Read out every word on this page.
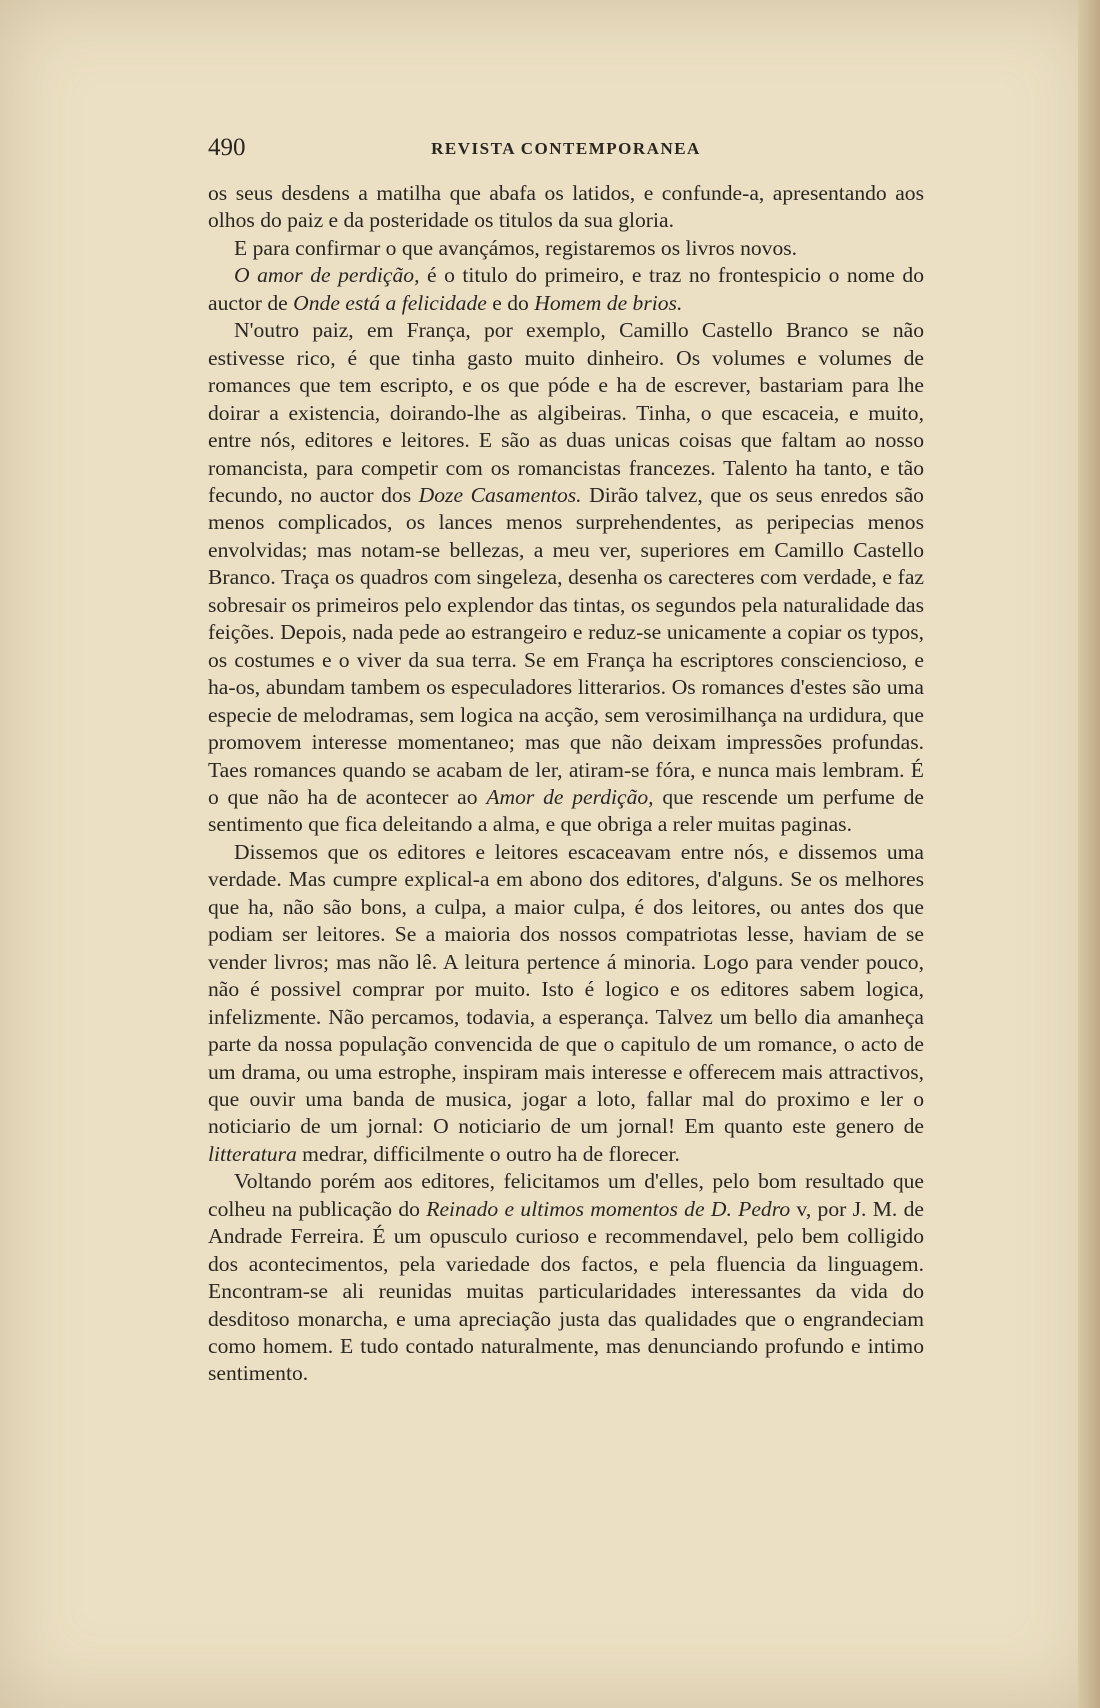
490	REVISTA CONTEMPORANEA

os seus desdens a matilha que abafa os latidos, e confunde-a, apresentando aos olhos do paiz e da posteridade os titulos da sua gloria.

E para confirmar o que avançámos, registaremos os livros novos.

O amor de perdição, é o titulo do primeiro, e traz no frontespicio o nome do auctor de Onde está a felicidade e do Homem de brios.

N'outro paiz, em França, por exemplo, Camillo Castello Branco se não estivesse rico, é que tinha gasto muito dinheiro. Os volumes e volumes de romances que tem escripto, e os que póde e ha de escrever, bastariam para lhe doirar a existencia, doirando-lhe as algibeiras. Tinha, o que escaceia, e muito, entre nós, editores e leitores. E são as duas unicas coisas que faltam ao nosso romancista, para competir com os romancistas francezes. Talento ha tanto, e tão fecundo, no auctor dos Doze Casamentos. Dirão talvez, que os seus enredos são menos complicados, os lances menos surprehendentes, as peripecias menos envolvidas; mas notam-se bellezas, a meu ver, superiores em Camillo Castello Branco. Traça os quadros com singeleza, desenha os carecteres com verdade, e faz sobresair os primeiros pelo explendor das tintas, os segundos pela naturalidade das feições. Depois, nada pede ao estrangeiro e reduz-se unicamente a copiar os typos, os costumes e o viver da sua terra. Se em França ha escriptores consciencioso, e ha-os, abundam tambem os especuladores litterarios. Os romances d'estes são uma especie de melodramas, sem logica na acção, sem verosimilhança na urdidura, que promovem interesse momentaneo; mas que não deixam impressões profundas. Taes romances quando se acabam de ler, atiram-se fóra, e nunca mais lembram. É o que não ha de acontecer ao Amor de perdição, que rescende um perfume de sentimento que fica deleitando a alma, e que obriga a reler muitas paginas.

Dissemos que os editores e leitores escaceavam entre nós, e dissemos uma verdade. Mas cumpre explical-a em abono dos editores, d'alguns. Se os melhores que ha, não são bons, a culpa, a maior culpa, é dos leitores, ou antes dos que podiam ser leitores. Se a maioria dos nossos compatriotas lesse, haviam de se vender livros; mas não lê. A leitura pertence á minoria. Logo para vender pouco, não é possivel comprar por muito. Isto é logico e os editores sabem logica, infelizmente. Não percamos, todavia, a esperança. Talvez um bello dia amanheça parte da nossa população convencida de que o capitulo de um romance, o acto de um drama, ou uma estrophe, inspiram mais interesse e offerecem mais attractivos, que ouvir uma banda de musica, jogar a loto, fallar mal do proximo e ler o noticiario de um jornal: O noticiario de um jornal! Em quanto este genero de litteratura medrar, difficilmente o outro ha de florecer.

Voltando porém aos editores, felicitamos um d'elles, pelo bom resultado que colheu na publicação do Reinado e ultimos momentos de D. Pedro v, por J. M. de Andrade Ferreira. É um opusculo curioso e recommendavel, pelo bem colligido dos acontecimentos, pela variedade dos factos, e pela fluencia da linguagem. Encontram-se ali reunidas muitas particularidades interessantes da vida do desditoso monarcha, e uma apreciação justa das qualidades que o engrandeciam como homem. E tudo contado naturalmente, mas denunciando profundo e intimo sentimento.
